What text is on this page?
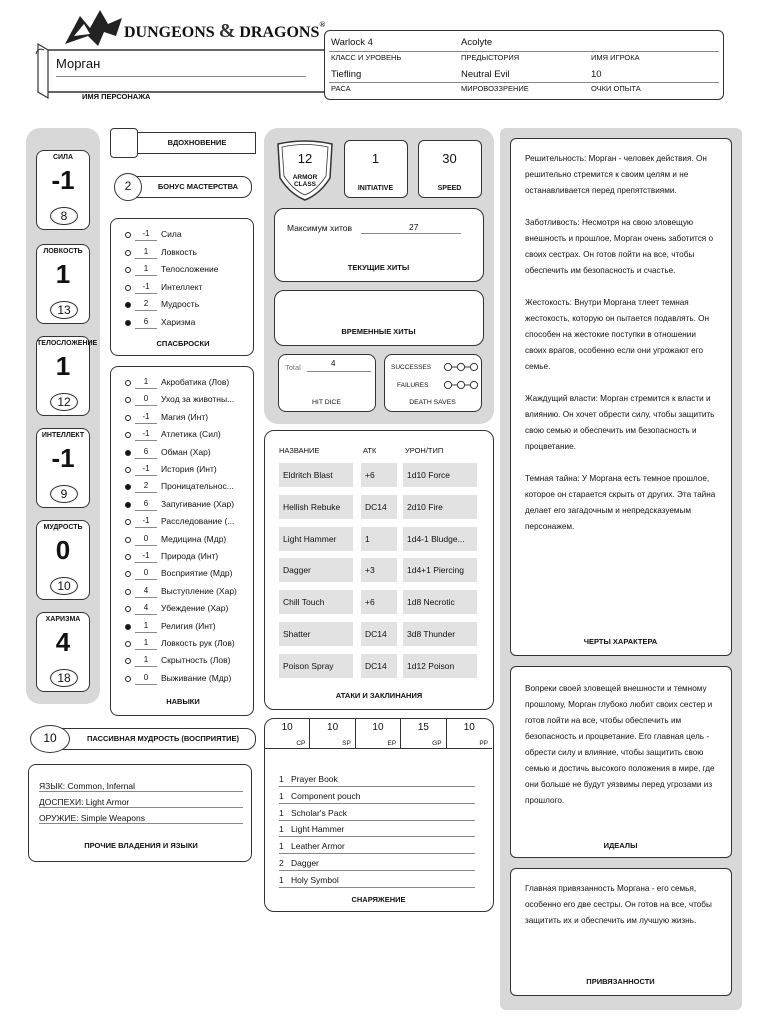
DUNGEONS & DRAGONS®
Морган
ИМЯ ПЕРСОНАЖА
Warlock 4	Acolyte
КЛАСС И УРОВЕНЬ	ПРЕДЫСТОРИЯ	ИМЯ ИГРОКА
Tiefling	Neutral Evil	10
РАСА	МИРОВОЗЗРЕНИЕ	ОЧКИ ОПЫТА
СИЛА
-1
8
ЛОВКОСТЬ
1
13
ТЕЛОСЛОЖЕНИЕ
1
12
ИНТЕЛЛЕКТ
-1
9
МУДРОСТЬ
0
10
ХАРИЗМА
4
18
ВДОХНОВЕНИЕ
2	БОНУС МАСТЕРСТВА
-1	Сила
1	Ловкость
1	Телосложение
-1	Интеллект
2	Мудрость
6	Харизма
СПАСБРОСКИ
1	Акробатика (Лов)
0	Уход за животны...
-1	Магия (Инт)
-1	Атлетика (Сил)
6	Обман (Хар)
-1	История (Инт)
2	Проницательнос...
6	Запугивание (Хар)
-1	Расследование (...
0	Медицина (Мдр)
-1	Природа (Инт)
0	Восприятие (Мдр)
4	Выступление (Хар)
4	Убеждение (Хар)
1	Религия (Инт)
1	Ловкость рук (Лов)
1	Скрытность (Лов)
0	Выживание (Мдр)
НАВЫКИ
10	ПАССИВНАЯ МУДРОСТЬ (ВОСПРИЯТИЕ)
ЯЗЫК: Common, Infernal
ДОСПЕХИ: Light Armor
ОРУЖИЕ: Simple Weapons
ПРОЧИЕ ВЛАДЕНИЯ И ЯЗЫКИ
12
ARMOR
CLASS
1
INITIATIVE
30
SPEED
Максимум хитов	27
ТЕКУЩИЕ ХИТЫ
ВРЕМЕННЫЕ ХИТЫ
Total	4
HIT DICE
SUCCESSES
FAILURES
DEATH SAVES
НАЗВАНИЕ	АТК	УРОН/ТИП
Eldritch Blast	+6	1d10 Force
Hellish Rebuke	DC14	2d10 Fire
Light Hammer	1	1d4-1 Bludge...
Dagger	+3	1d4+1 Piercing
Chill Touch	+6	1d8 Necrotic
Shatter	DC14	3d8 Thunder
Poison Spray	DC14	1d12 Poison
АТАКИ И ЗАКЛИНАНИЯ
10
CP
10
SP
10
EP
15
GP
10
PP
1 Prayer Book
1 Component pouch
1 Scholar's Pack
1 Light Hammer
1 Leather Armor
2 Dagger
1 Holy Symbol
СНАРЯЖЕНИЕ
Решительность: Морган - человек действия. Он решительно стремится к своим целям и не останавливается перед препятствиями.
Заботливость: Несмотря на свою зловещую внешность и прошлое, Морган очень заботится о своих сестрах. Он готов пойти на все, чтобы обеспечить им безопасность и счастье.
Жестокость: Внутри Моргана тлеет темная жестокость, которую он пытается подавлять. Он способен на жестокие поступки в отношении своих врагов, особенно если они угрожают его семье.
Жаждущий власти: Морган стремится к власти и влиянию. Он хочет обрести силу, чтобы защитить свою семью и обеспечить им безопасность и процветание.
Темная тайна: У Моргана есть темное прошлое, которое он старается скрыть от других. Эта тайна делает его загадочным и непредсказуемым персонажем.
ЧЕРТЫ ХАРАКТЕРА
Вопреки своей зловещей внешности и темному прошлому, Морган глубоко любит своих сестер и готов пойти на все, чтобы обеспечить им безопасность и процветание. Его главная цель - обрести силу и влияние, чтобы защитить свою семью и достичь высокого положения в мире, где они больше не будут уязвимы перед угрозами из прошлого.
ИДЕАЛЫ
Главная привязанность Моргана - его семья, особенно его две сестры. Он готов на все, чтобы защитить их и обеспечить им лучшую жизнь.
ПРИВЯЗАННОСТИ
